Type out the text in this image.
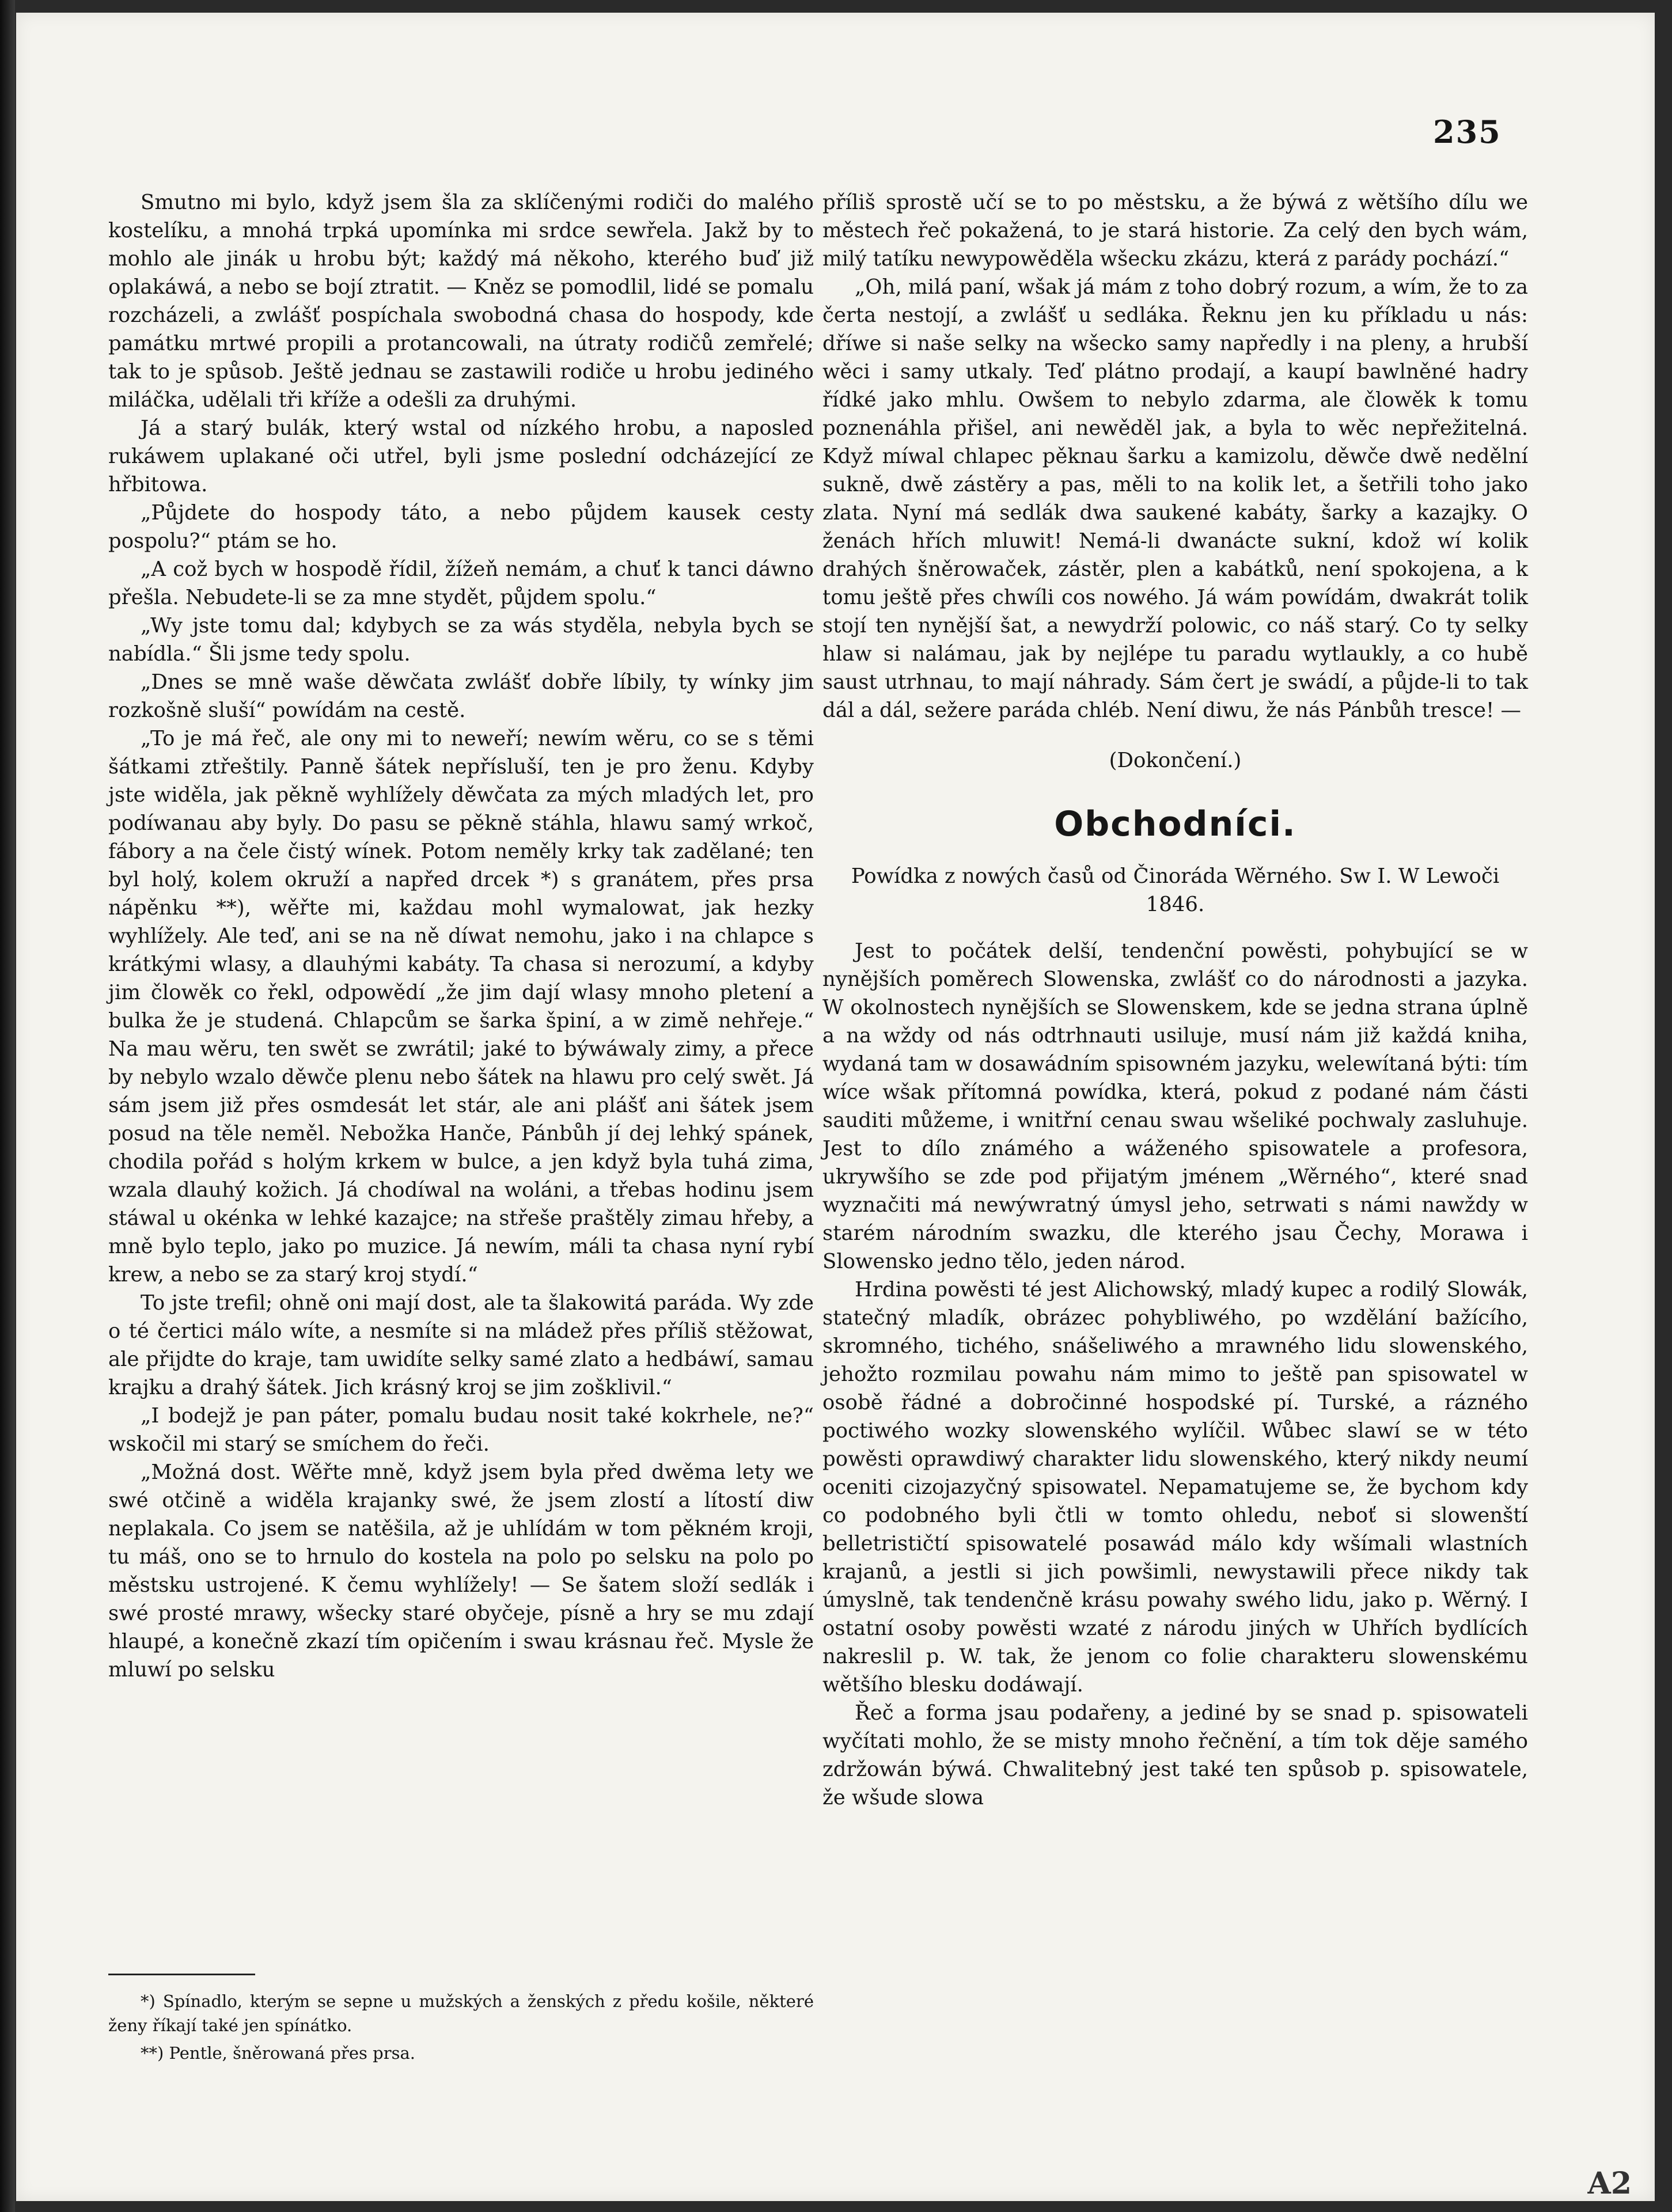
235

Smutno mi bylo, když jsem šla za sklíčenými rodiči do malého kostelíku, a mnohá trpká upomínka mi srdce sewřela. Jakž by to mohlo ale jinák u hrobu být; každý má někoho, kterého buď již oplakáwá, a nebo se bojí ztratit. — Kněz se pomodlil, lidé se pomalu rozcházeli, a zwlášť pospíchala swobodná chasa do hospody, kde památku mrtwé propili a protancowali, na útraty rodičů zemřelé; tak to je spůsob. Ještě jednau se zastawili rodiče u hrobu jediného miláčka, udělali tři kříže a odešli za druhými.

Já a starý bulák, který wstal od nízkého hrobu, a naposled rukáwem uplakané oči utřel, byli jsme poslední odcházející ze hřbitowa.

„Půjdete do hospody táto, a nebo půjdem kausek cesty pospolu?“ ptám se ho.

„A což bych w hospodě řídil, žížeň nemám, a chuť k tanci dáwno přešla. Nebudete-li se za mne stydět, půjdem spolu.“

„Wy jste tomu dal; kdybych se za wás styděla, nebyla bych se nabídla.“ Šli jsme tedy spolu.

„Dnes se mně waše děwčata zwlášť dobře líbily, ty wínky jim rozkošně sluší“ powídám na cestě.

„To je má řeč, ale ony mi to neweří; newím wěru, co se s těmi šátkami ztřeštily. Panně šátek nepřísluší, ten je pro ženu. Kdyby jste widěla, jak pěkně wyhlížely děwčata za mých mladých let, pro podíwanau aby byly. Do pasu se pěkně stáhla, hlawu samý wrkoč, fábory a na čele čistý wínek. Potom neměly krky tak zadělané; ten byl holý, kolem okruží a napřed drcek *) s granátem, přes prsa nápěnku **), wěřte mi, každau mohl wymalowat, jak hezky wyhlížely. Ale teď, ani se na ně díwat nemohu, jako i na chlapce s krátkými wlasy, a dlauhými kabáty. Ta chasa si nerozumí, a kdyby jim člowěk co řekl, odpowědí „že jim dají wlasy mnoho pletení a bulka že je studená. Chlapcům se šarka špiní, a w zimě nehřeje.“ Na mau wěru, ten swět se zwrátil; jaké to býwáwaly zimy, a přece by nebylo wzalo děwče plenu nebo šátek na hlawu pro celý swět. Já sám jsem již přes osmdesát let stár, ale ani plášť ani šátek jsem posud na těle neměl. Nebožka Hanče, Pánbůh jí dej lehký spánek, chodila pořád s holým krkem w bulce, a jen když byla tuhá zima, wzala dlauhý kožich. Já chodíwal na woláni, a třebas hodinu jsem stáwal u okénka w lehké kazajce; na střeše praštěly zimau hřeby, a mně bylo teplo, jako po muzice. Já newím, máli ta chasa nyní rybí krew, a nebo se za starý kroj stydí.“

To jste trefil; ohně oni mají dost, ale ta šlakowitá paráda. Wy zde o té čertici málo wíte, a nesmíte si na mládež přes příliš stěžowat, ale přijdte do kraje, tam uwidíte selky samé zlato a hedbáwí, samau krajku a drahý šátek. Jich krásný kroj se jim zošklivil.“

„I bodejž je pan páter, pomalu budau nosit také kokrhele, ne?“ wskočil mi starý se smíchem do řeči.

„Možná dost. Wěřte mně, když jsem byla před dwěma lety we swé otčině a widěla krajanky swé, že jsem zlostí a lítostí diw neplakala. Co jsem se natěšila, až je uhlídám w tom pěkném kroji, tu máš, ono se to hrnulo do kostela na polo po selsku na polo po městsku ustrojené. K čemu wyhlížely! — Se šatem složí sedlák i swé prosté mrawy, wšecky staré obyčeje, písně a hry se mu zdají hlaupé, a konečně zkazí tím opičením i swau krásnau řeč. Mysle že mluwí po selsku

příliš sprostě učí se to po městsku, a že býwá z wětšího dílu we městech řeč pokažená, to je stará historie. Za celý den bych wám, milý tatíku newypowěděla wšecku zkázu, která z parády pochází.“

„Oh, milá paní, wšak já mám z toho dobrý rozum, a wím, že to za čerta nestojí, a zwlášť u sedláka. Řeknu jen ku příkladu u nás: dříwe si naše selky na wšecko samy napředly i na pleny, a hrubší wěci i samy utkaly. Teď plátno prodají, a kaupí bawlněné hadry řídké jako mhlu. Owšem to nebylo zdarma, ale člowěk k tomu poznenáhla přišel, ani newěděl jak, a byla to wěc nepřežitelná. Když míwal chlapec pěknau šarku a kamizolu, děwče dwě nedělní sukně, dwě zástěry a pas, měli to na kolik let, a šetřili toho jako zlata. Nyní má sedlák dwa saukené kabáty, šarky a kazajky. O ženách hřích mluwit! Nemá-li dwanácte sukní, kdož wí kolik drahých šněrowaček, zástěr, plen a kabátků, není spokojena, a k tomu ještě přes chwíli cos nowého. Já wám powídám, dwakrát tolik stojí ten nynější šat, a newydrží polowic, co náš starý. Co ty selky hlaw si nalámau, jak by nejlépe tu paradu wytlaukly, a co hubě saust utrhnau, to mají náhrady. Sám čert je swádí, a půjde-li to tak dál a dál, sežere paráda chléb. Není diwu, že nás Pánbůh tresce! —

(Dokončení.)

Obchodníci.

Powídka z nowých časů od Činoráda Wěrného. Sw I. W Lewoči 1846.

Jest to počátek delší, tendenční powěsti, pohybující se w nynějších poměrech Slowenska, zwlášť co do národnosti a jazyka. W okolnostech nynějších se Slowenskem, kde se jedna strana úplně a na wždy od nás odtrhnauti usiluje, musí nám již každá kniha, wydaná tam w dosawádním spisowném jazyku, welewítaná býti: tím wíce wšak přítomná powídka, která, pokud z podané nám části sauditi můžeme, i wnitřní cenau swau wšeliké pochwaly zasluhuje. Jest to dílo známého a wáženého spisowatele a profesora, ukrywšího se zde pod přijatým jménem „Wěrného“, které snad wyznačiti má newýwratný úmysl jeho, setrwati s námi nawždy w starém národním swazku, dle kterého jsau Čechy, Morawa i Slowensko jedno tělo, jeden národ.

Hrdina powěsti té jest Alichowský, mladý kupec a rodilý Slowák, statečný mladík, obrázec pohybliwého, po wzdělání bažícího, skromného, tichého, snášeliwého a mrawného lidu slowenského, jehožto rozmilau powahu nám mimo to ještě pan spisowatel w osobě řádné a dobročinné hospodské pí. Turské, a rázného poctiwého wozky slowenského wylíčil. Wůbec slawí se w této powěsti oprawdiwý charakter lidu slowenského, který nikdy neumí oceniti cizojazyčný spisowatel. Nepamatujeme se, že bychom kdy co podobného byli čtli w tomto ohledu, neboť si slowenští belletrističtí spisowatelé posawád málo kdy wšímali wlastních krajanů, a jestli si jich powšimli, newystawili přece nikdy tak úmyslně, tak tendenčně krásu powahy swého lidu, jako p. Wěrný. I ostatní osoby powěsti wzaté z národu jiných w Uhřích bydlících nakreslil p. W. tak, že jenom co folie charakteru slowenskému wětšího blesku dodáwají.

Řeč a forma jsau podařeny, a jediné by se snad p. spisowateli wyčítati mohlo, že se misty mnoho řečnění, a tím tok děje samého zdržowán býwá. Chwalitebný jest také ten spůsob p. spisowatele, že wšude slowa

*) Spínadlo, kterým se sepne u mužských a ženských z předu košile, některé ženy říkají také jen spínátko.

**) Pentle, šněrowaná přes prsa.

A2
